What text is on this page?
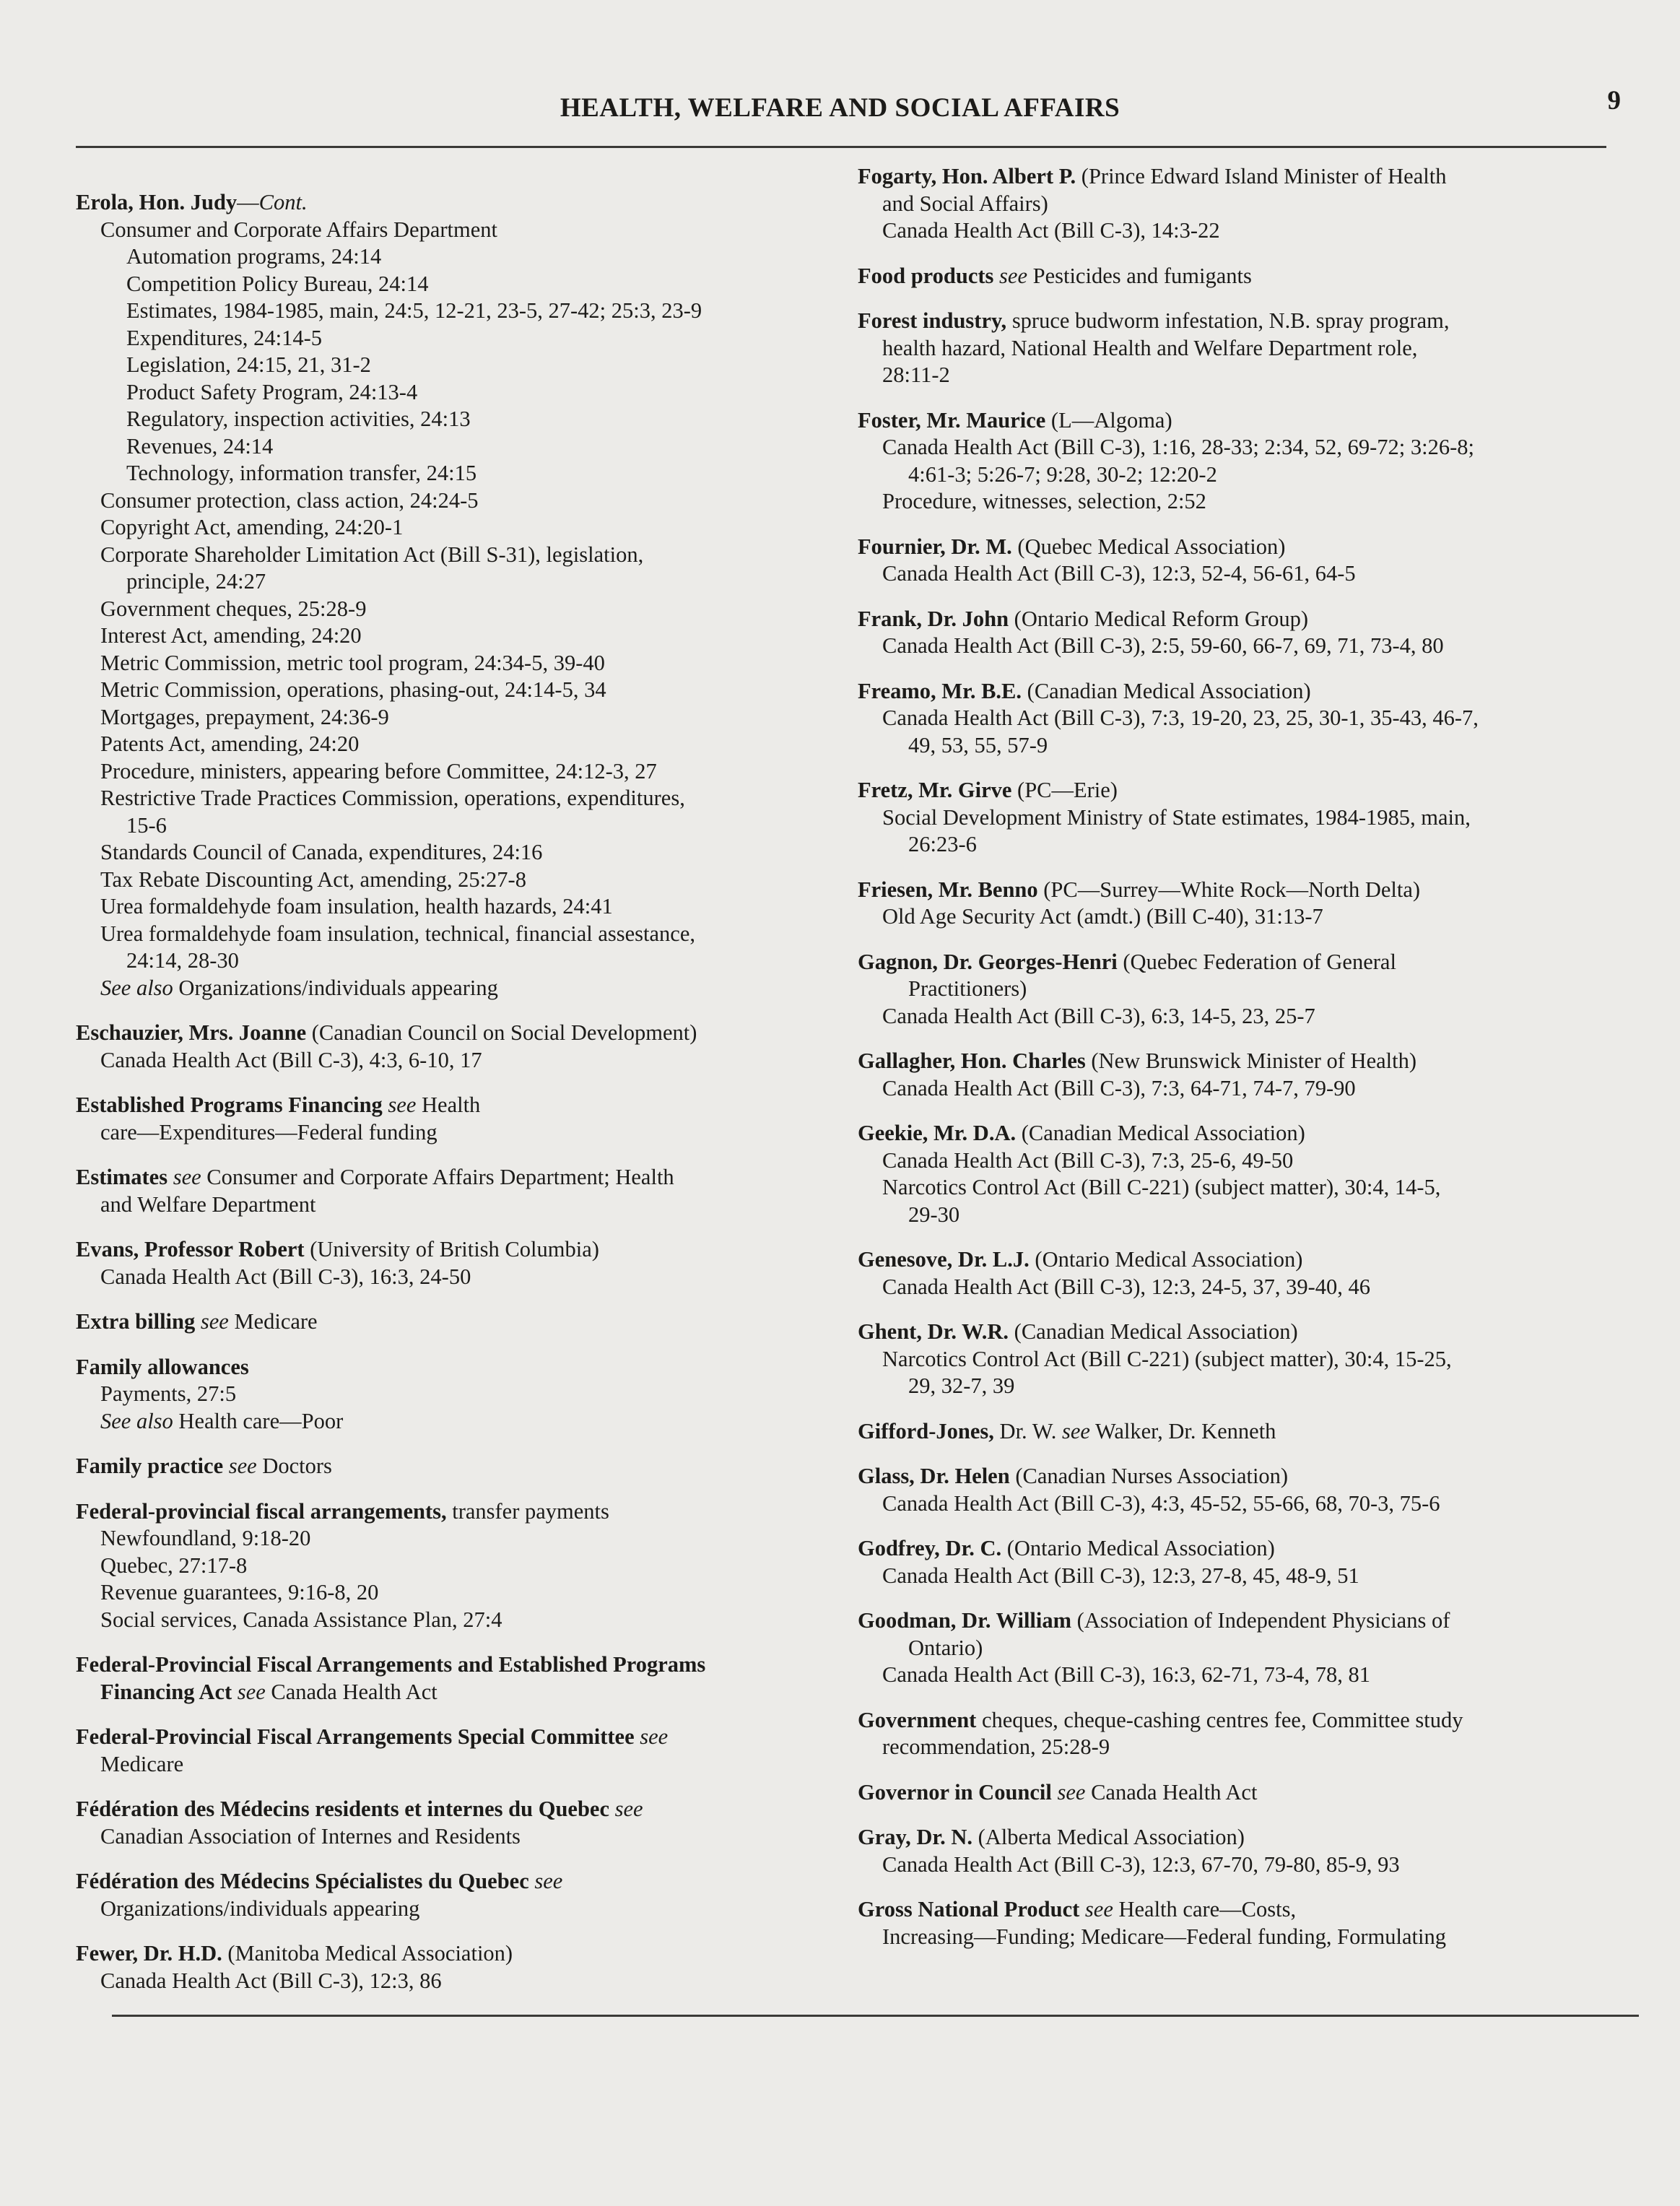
HEALTH, WELFARE AND SOCIAL AFFAIRS	9
Erola, Hon. Judy—Cont.
Consumer and Corporate Affairs Department
Automation programs, 24:14
Competition Policy Bureau, 24:14
Estimates, 1984-1985, main, 24:5, 12-21, 23-5, 27-42; 25:3, 23-9
Expenditures, 24:14-5
Legislation, 24:15, 21, 31-2
Product Safety Program, 24:13-4
Regulatory, inspection activities, 24:13
Revenues, 24:14
Technology, information transfer, 24:15
Consumer protection, class action, 24:24-5
Copyright Act, amending, 24:20-1
Corporate Shareholder Limitation Act (Bill S-31), legislation,
principle, 24:27
Government cheques, 25:28-9
Interest Act, amending, 24:20
Metric Commission, metric tool program, 24:34-5, 39-40
Metric Commission, operations, phasing-out, 24:14-5, 34
Mortgages, prepayment, 24:36-9
Patents Act, amending, 24:20
Procedure, ministers, appearing before Committee, 24:12-3, 27
Restrictive Trade Practices Commission, operations, expenditures,
15-6
Standards Council of Canada, expenditures, 24:16
Tax Rebate Discounting Act, amending, 25:27-8
Urea formaldehyde foam insulation, health hazards, 24:41
Urea formaldehyde foam insulation, technical, financial assestance,
24:14, 28-30
See also Organizations/individuals appearing
Eschauzier, Mrs. Joanne (Canadian Council on Social Development)
Canada Health Act (Bill C-3), 4:3, 6-10, 17
Established Programs Financing see Health
care—Expenditures—Federal funding
Estimates see Consumer and Corporate Affairs Department; Health
and Welfare Department
Evans, Professor Robert (University of British Columbia)
Canada Health Act (Bill C-3), 16:3, 24-50
Extra billing see Medicare
Family allowances
Payments, 27:5
See also Health care—Poor
Family practice see Doctors
Federal-provincial fiscal arrangements, transfer payments
Newfoundland, 9:18-20
Quebec, 27:17-8
Revenue guarantees, 9:16-8, 20
Social services, Canada Assistance Plan, 27:4
Federal-Provincial Fiscal Arrangements and Established Programs
Financing Act see Canada Health Act
Federal-Provincial Fiscal Arrangements Special Committee see
Medicare
Fédération des Médecins residents et internes du Quebec see
Canadian Association of Internes and Residents
Fédération des Médecins Spécialistes du Quebec see
Organizations/individuals appearing
Fewer, Dr. H.D. (Manitoba Medical Association)
Canada Health Act (Bill C-3), 12:3, 86
Fogarty, Hon. Albert P. (Prince Edward Island Minister of Health
and Social Affairs)
Canada Health Act (Bill C-3), 14:3-22
Food products see Pesticides and fumigants
Forest industry, spruce budworm infestation, N.B. spray program,
health hazard, National Health and Welfare Department role,
28:11-2
Foster, Mr. Maurice (L—Algoma)
Canada Health Act (Bill C-3), 1:16, 28-33; 2:34, 52, 69-72; 3:26-8;
4:61-3; 5:26-7; 9:28, 30-2; 12:20-2
Procedure, witnesses, selection, 2:52
Fournier, Dr. M. (Quebec Medical Association)
Canada Health Act (Bill C-3), 12:3, 52-4, 56-61, 64-5
Frank, Dr. John (Ontario Medical Reform Group)
Canada Health Act (Bill C-3), 2:5, 59-60, 66-7, 69, 71, 73-4, 80
Freamo, Mr. B.E. (Canadian Medical Association)
Canada Health Act (Bill C-3), 7:3, 19-20, 23, 25, 30-1, 35-43, 46-7,
49, 53, 55, 57-9
Fretz, Mr. Girve (PC—Erie)
Social Development Ministry of State estimates, 1984-1985, main,
26:23-6
Friesen, Mr. Benno (PC—Surrey—White Rock—North Delta)
Old Age Security Act (amdt.) (Bill C-40), 31:13-7
Gagnon, Dr. Georges-Henri (Quebec Federation of General
Practitioners)
Canada Health Act (Bill C-3), 6:3, 14-5, 23, 25-7
Gallagher, Hon. Charles (New Brunswick Minister of Health)
Canada Health Act (Bill C-3), 7:3, 64-71, 74-7, 79-90
Geekie, Mr. D.A. (Canadian Medical Association)
Canada Health Act (Bill C-3), 7:3, 25-6, 49-50
Narcotics Control Act (Bill C-221) (subject matter), 30:4, 14-5,
29-30
Genesove, Dr. L.J. (Ontario Medical Association)
Canada Health Act (Bill C-3), 12:3, 24-5, 37, 39-40, 46
Ghent, Dr. W.R. (Canadian Medical Association)
Narcotics Control Act (Bill C-221) (subject matter), 30:4, 15-25,
29, 32-7, 39
Gifford-Jones, Dr. W. see Walker, Dr. Kenneth
Glass, Dr. Helen (Canadian Nurses Association)
Canada Health Act (Bill C-3), 4:3, 45-52, 55-66, 68, 70-3, 75-6
Godfrey, Dr. C. (Ontario Medical Association)
Canada Health Act (Bill C-3), 12:3, 27-8, 45, 48-9, 51
Goodman, Dr. William (Association of Independent Physicians of
Ontario)
Canada Health Act (Bill C-3), 16:3, 62-71, 73-4, 78, 81
Government cheques, cheque-cashing centres fee, Committee study
recommendation, 25:28-9
Governor in Council see Canada Health Act
Gray, Dr. N. (Alberta Medical Association)
Canada Health Act (Bill C-3), 12:3, 67-70, 79-80, 85-9, 93
Gross National Product see Health care—Costs,
Increasing—Funding; Medicare—Federal funding, Formulating
